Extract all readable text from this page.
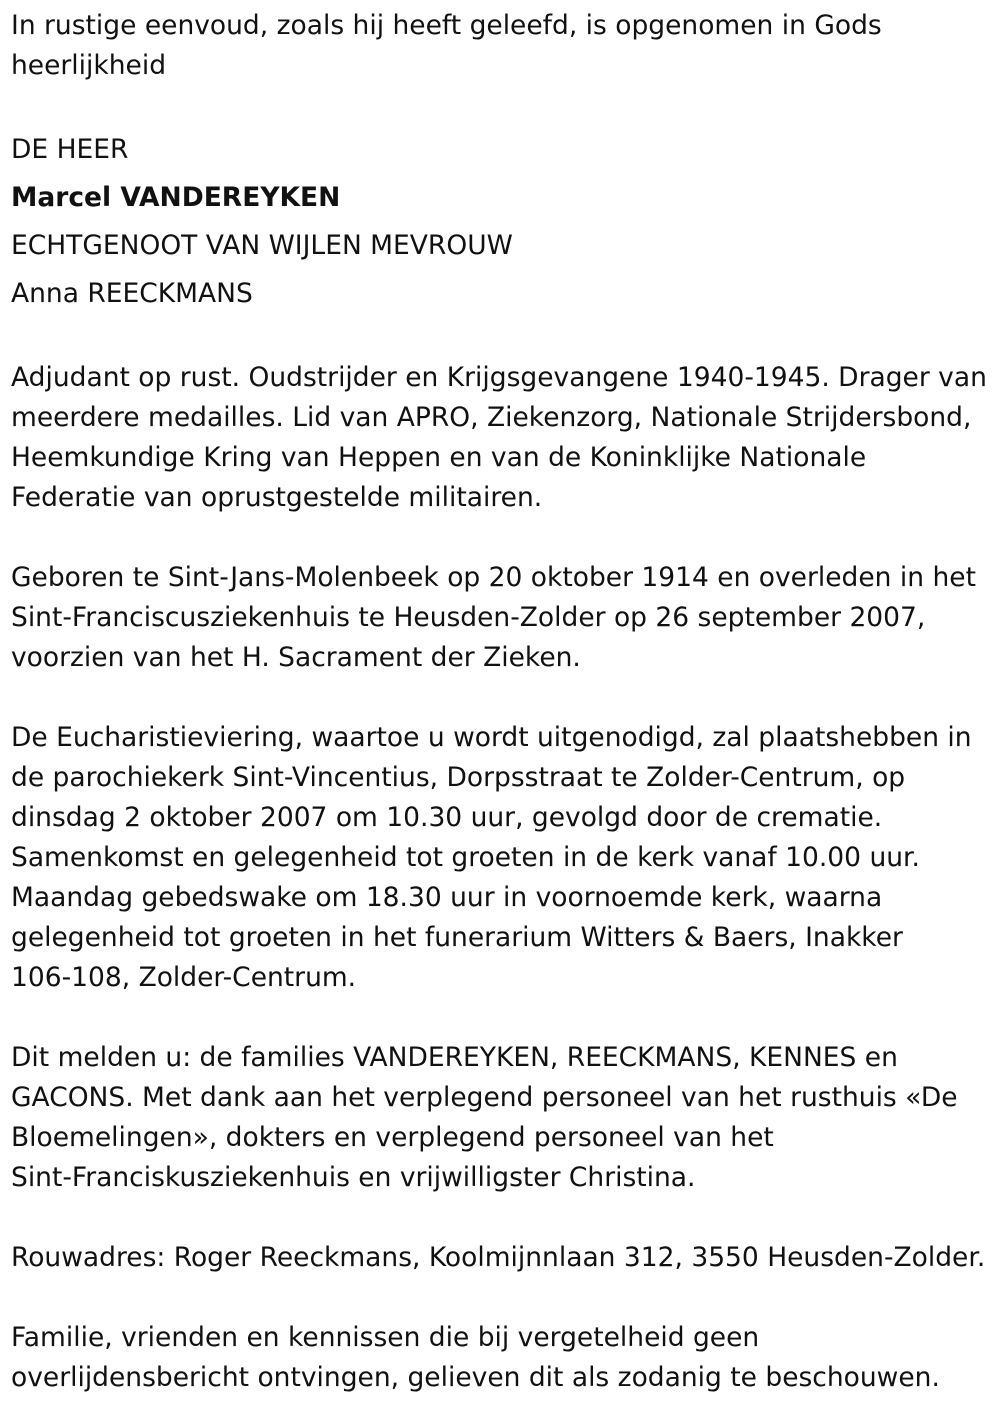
In rustige eenvoud, zoals hij heeft geleefd, is opgenomen in Gods
heerlijkheid
DE HEER
Marcel VANDEREYKEN
ECHTGENOOT VAN WIJLEN MEVROUW
Anna REECKMANS
Adjudant op rust. Oudstrijder en Krijgsgevangene 1940-1945. Drager van
meerdere medailles. Lid van APRO, Ziekenzorg, Nationale Strijdersbond,
Heemkundige Kring van Heppen en van de Koninklijke Nationale
Federatie van oprustgestelde militairen.
Geboren te Sint-Jans-Molenbeek op 20 oktober 1914 en overleden in het
Sint-Franciscusziekenhuis te Heusden-Zolder op 26 september 2007,
voorzien van het H. Sacrament der Zieken.
De Eucharistieviering, waartoe u wordt uitgenodigd, zal plaatshebben in
de parochiekerk Sint-Vincentius, Dorpsstraat te Zolder-Centrum, op
dinsdag 2 oktober 2007 om 10.30 uur, gevolgd door de crematie.
Samenkomst en gelegenheid tot groeten in de kerk vanaf 10.00 uur.
Maandag gebedswake om 18.30 uur in voornoemde kerk, waarna
gelegenheid tot groeten in het funerarium Witters & Baers, Inakker
106-108, Zolder-Centrum.
Dit melden u: de families VANDEREYKEN, REECKMANS, KENNES en
GACONS. Met dank aan het verplegend personeel van het rusthuis «De
Bloemelingen», dokters en verplegend personeel van het
Sint-Franciskusziekenhuis en vrijwilligster Christina.
Rouwadres: Roger Reeckmans, Koolmijnnlaan 312, 3550 Heusden-Zolder.
Familie, vrienden en kennissen die bij vergetelheid geen
overlijdensbericht ontvingen, gelieven dit als zodanig te beschouwen.
